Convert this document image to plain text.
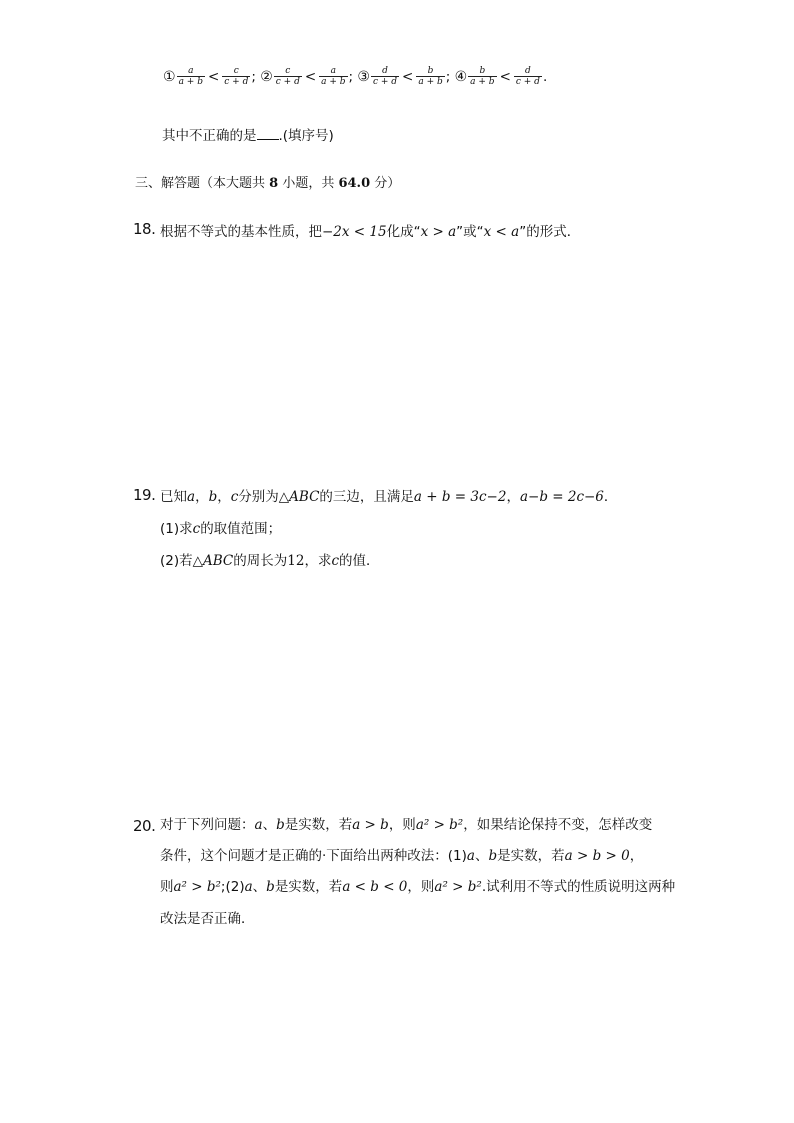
① $\frac{a}{a + b} < \frac{c}{c + d}$ ; ② $\frac{c}{c + d} < \frac{a}{a + b}$ ; ③ $\frac{d}{c + d} < \frac{b}{a + b}$ ; ④ $\frac{b}{a + b} < \frac{d}{c + d}$ .
其中不正确的是 .(填序号)
三、解答题（本大题共 8 小题，共 64.0 分）
18. 根据不等式的基本性质，把−2x < 15化成“x > a”或“x < a”的形式．
19. 已知a，b，c分别为△ABC的三边，且满足a + b = 3c−2，a−b = 2c−6．
(1)求c的取值范围；
(2)若△ABC的周长为12，求c的值．
20. 对于下列问题：a、b是实数，若a > b，则a² > b²，如果结论保持不变，怎样改变
条件，这个问题才是正确的·下面给出两种改法：(1)a、b是实数，若a > b > 0，
则a² > b²;(2)a、b是实数，若a < b < 0，则a² > b².试利用不等式的性质说明这两种
改法是否正确．
